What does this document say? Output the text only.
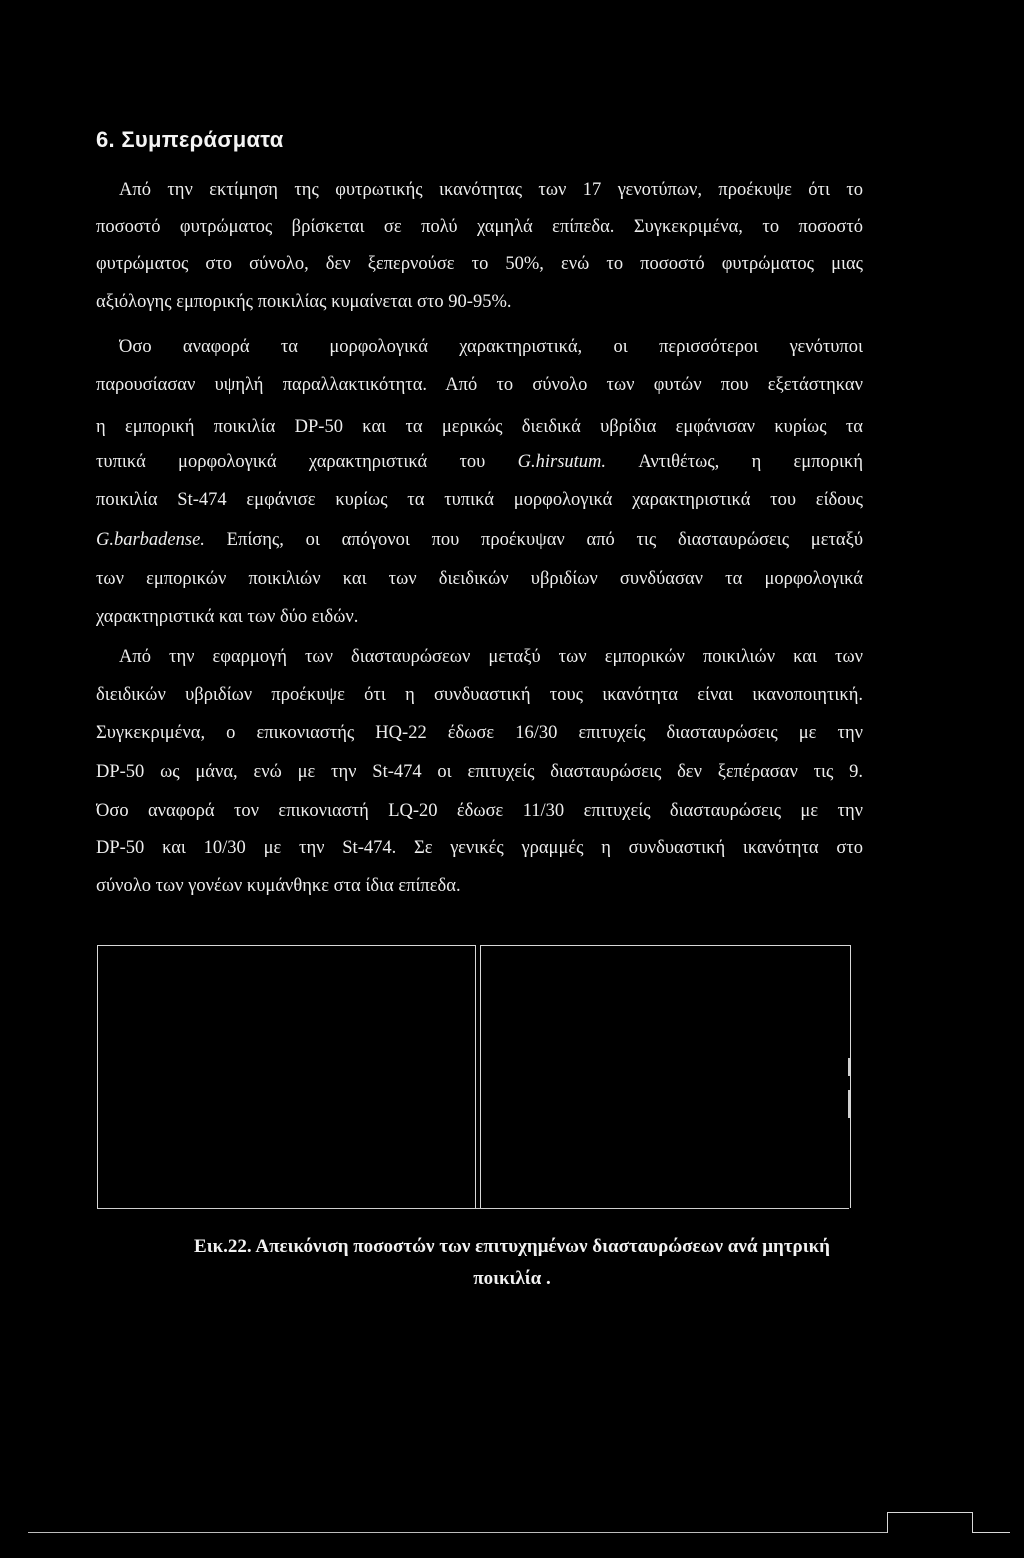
6. Συμπεράσματα
Από την εκτίμηση της φυτρωτικής ικανότητας των 17 γενοτύπων, προέκυψε ότι το
ποσοστό φυτρώματος βρίσκεται σε πολύ χαμηλά επίπεδα. Συγκεκριμένα, το ποσοστό
φυτρώματος στο σύνολο, δεν ξεπερνούσε το 50%, ενώ το ποσοστό φυτρώματος μιας
αξιόλογης εμπορικής ποικιλίας κυμαίνεται στο 90-95%.
Όσο αναφορά τα μορφολογικά χαρακτηριστικά, οι περισσότεροι γενότυποι
παρουσίασαν υψηλή παραλλακτικότητα. Από το σύνολο των φυτών που εξετάστηκαν
η εμπορική ποικιλία DP-50 και τα μερικώς διειδικά υβρίδια εμφάνισαν κυρίως τα
τυπικά μορφολογικά χαρακτηριστικά του G.hirsutum. Αντιθέτως, η εμπορική
ποικιλία St-474 εμφάνισε κυρίως τα τυπικά μορφολογικά χαρακτηριστικά του είδους
G.barbadense. Επίσης, οι απόγονοι που προέκυψαν από τις διασταυρώσεις μεταξύ
των εμπορικών ποικιλιών και των διειδικών υβριδίων συνδύασαν τα μορφολογικά
χαρακτηριστικά και των δύο ειδών.
Από την εφαρμογή των διασταυρώσεων μεταξύ των εμπορικών ποικιλιών και των
διειδικών υβριδίων προέκυψε ότι η συνδυαστική τους ικανότητα είναι ικανοποιητική.
Συγκεκριμένα, ο επικονιαστής HQ-22 έδωσε 16/30 επιτυχείς διασταυρώσεις με την
DP-50 ως μάνα, ενώ με την St-474 οι επιτυχείς διασταυρώσεις δεν ξεπέρασαν τις 9.
Όσο αναφορά τον επικονιαστή LQ-20 έδωσε 11/30 επιτυχείς διασταυρώσεις με την
DP-50 και 10/30 με την St-474. Σε γενικές γραμμές η συνδυαστική ικανότητα στο
σύνολο των γονέων κυμάνθηκε στα ίδια επίπεδα.
Εικ.22. Απεικόνιση ποσοστών των επιτυχημένων διασταυρώσεων ανά μητρική
ποικιλία .
